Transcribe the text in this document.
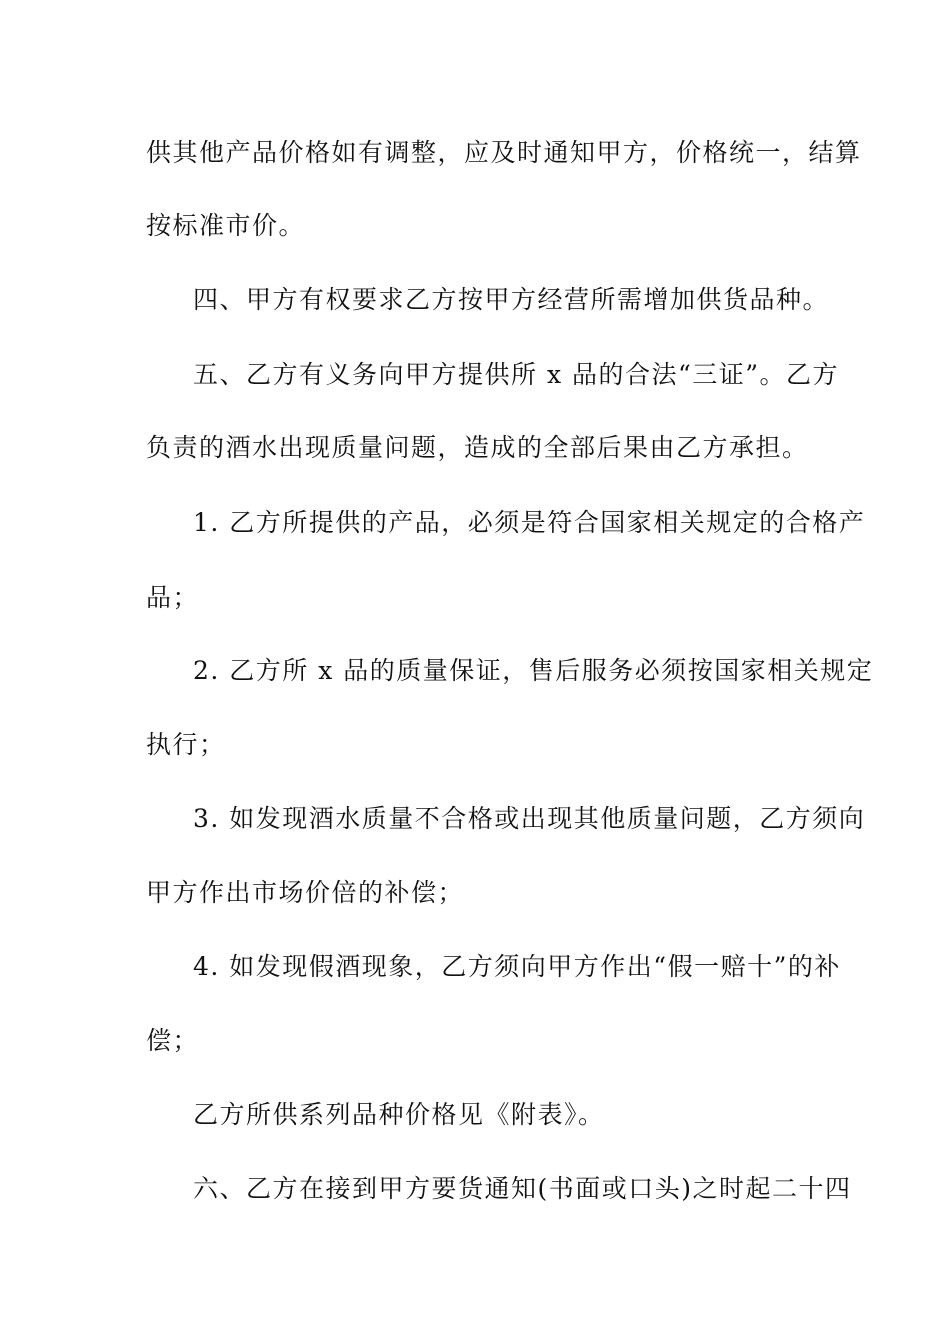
供其他产品价格如有调整，应及时通知甲方，价格统一，结算
按标准市价。
四、甲方有权要求乙方按甲方经营所需增加供货品种。
五、乙方有义务向甲方提供所 x 品的合法“三证”。乙方
负责的酒水出现质量问题，造成的全部后果由乙方承担。
1. 乙方所提供的产品，必须是符合国家相关规定的合格产
品；
2. 乙方所 x 品的质量保证，售后服务必须按国家相关规定
执行；
3. 如发现酒水质量不合格或出现其他质量问题，乙方须向
甲方作出市场价倍的补偿；
4. 如发现假酒现象，乙方须向甲方作出“假一赔十”的补
偿；
乙方所供系列品种价格见《附表》。
六、乙方在接到甲方要货通知(书面或口头)之时起二十四
